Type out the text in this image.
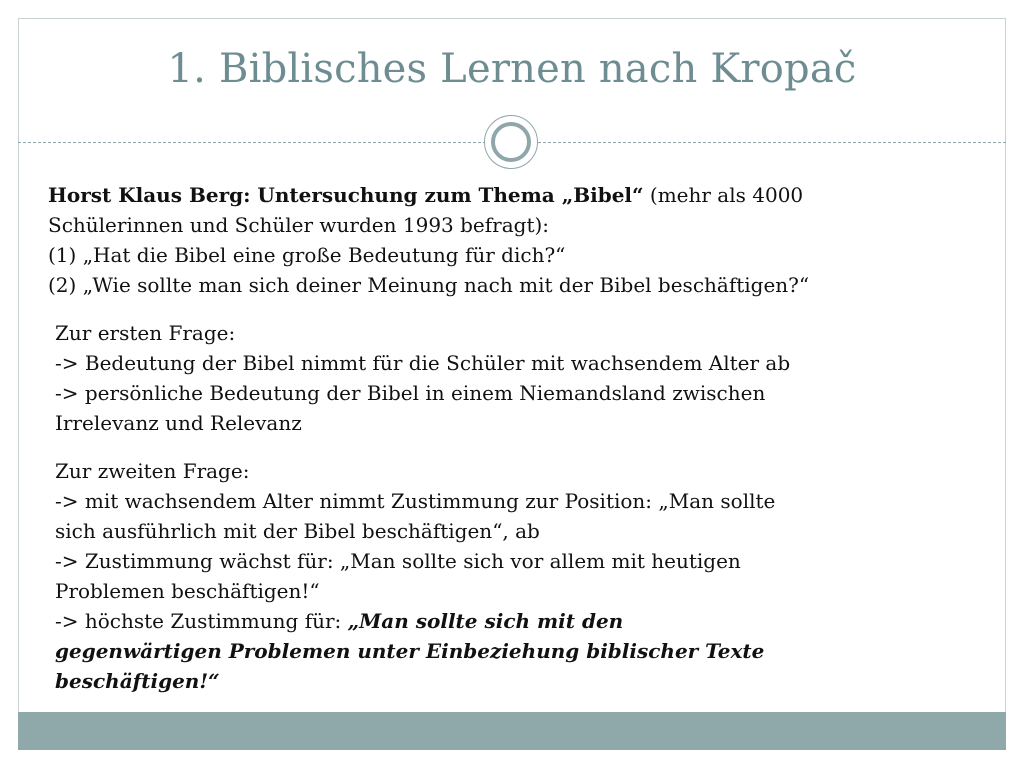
1. Biblisches Lernen nach Kropač
Horst Klaus Berg: Untersuchung zum Thema „Bibel“ (mehr als 4000
Schülerinnen und Schüler wurden 1993 befragt):
(1) „Hat die Bibel eine große Bedeutung für dich?“
(2) „Wie sollte man sich deiner Meinung nach mit der Bibel beschäftigen?“
Zur ersten Frage:
-> Bedeutung der Bibel nimmt für die Schüler mit wachsendem Alter ab
-> persönliche Bedeutung der Bibel in einem Niemandsland zwischen
Irrelevanz und Relevanz
Zur zweiten Frage:
-> mit wachsendem Alter nimmt Zustimmung zur Position: „Man sollte
sich ausführlich mit der Bibel beschäftigen“, ab
-> Zustimmung wächst für: „Man sollte sich vor allem mit heutigen
Problemen beschäftigen!“
-> höchste Zustimmung für: „Man sollte sich mit den
gegenwärtigen Problemen unter Einbeziehung biblischer Texte
beschäftigen!“
